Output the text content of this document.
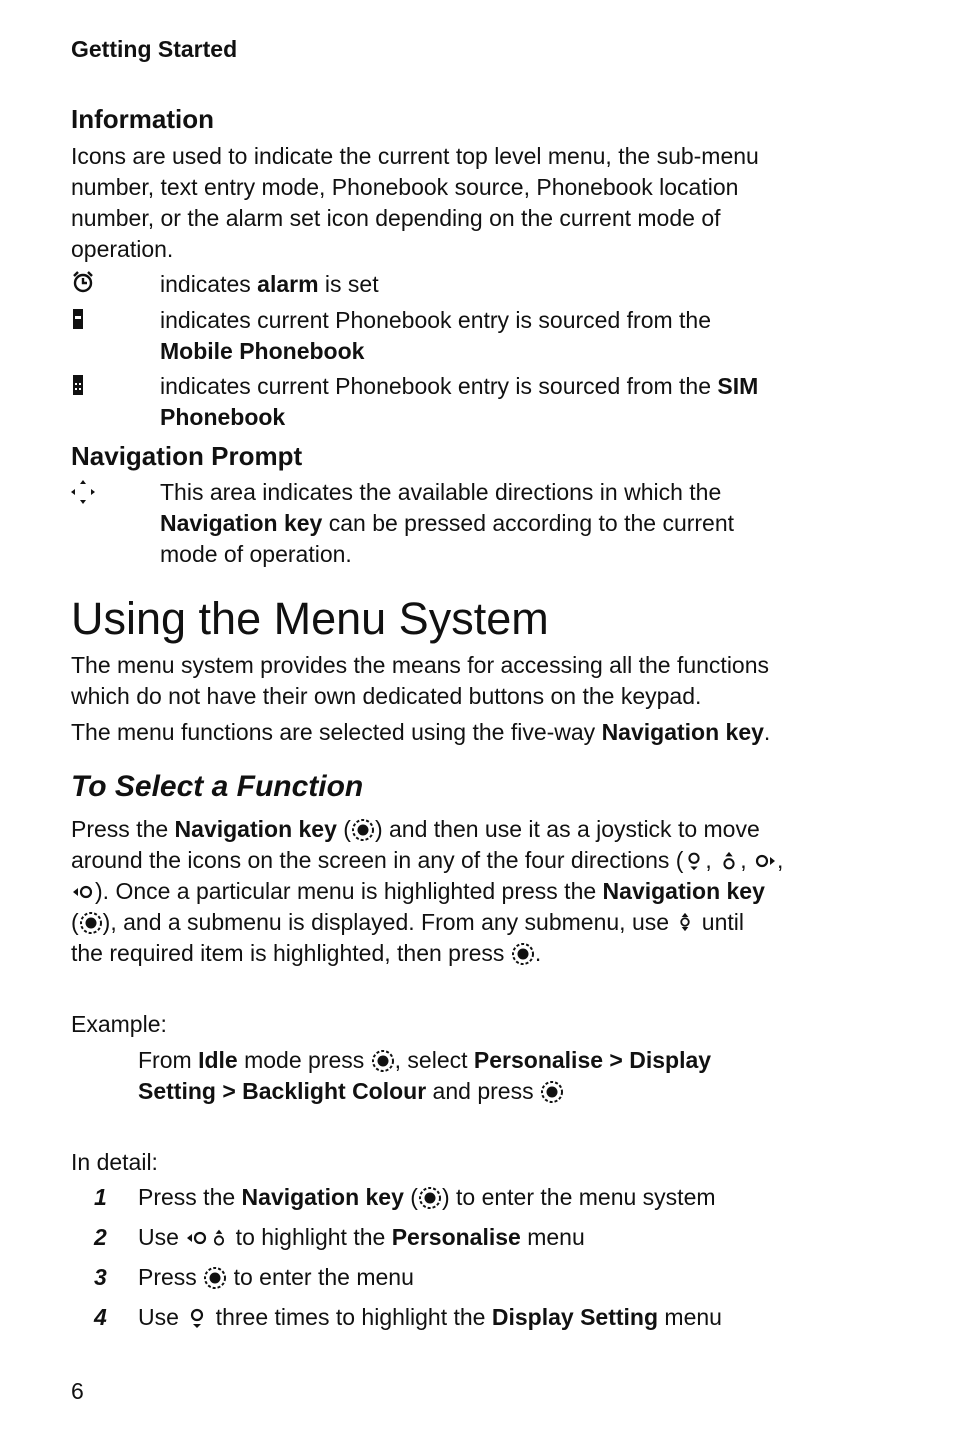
Getting Started
Information
Icons are used to indicate the current top level menu, the sub-menu
number, text entry mode, Phonebook source, Phonebook location
number, or the alarm set icon depending on the current mode of
operation.
indicates alarm is set
indicates current Phonebook entry is sourced from the
Mobile Phonebook
indicates current Phonebook entry is sourced from the SIM
Phonebook
Navigation Prompt
This area indicates the available directions in which the
Navigation key can be pressed according to the current
mode of operation.
Using the Menu System
The menu system provides the means for accessing all the functions
which do not have their own dedicated buttons on the keypad.
The menu functions are selected using the five-way Navigation key.
To Select a Function
Press the Navigation key ( ) and then use it as a joystick to move
around the icons on the screen in any of the four directions ( , , ,
). Once a particular menu is highlighted press the Navigation key
( ), and a submenu is displayed. From any submenu, use  until
the required item is highlighted, then press .
Example:
From Idle mode press , select Personalise > Display
Setting > Backlight Colour and press
In detail:
1 Press the Navigation key ( ) to enter the menu system
2 Use  to highlight the Personalise menu
3 Press  to enter the menu
4 Use  three times to highlight the Display Setting menu
6
